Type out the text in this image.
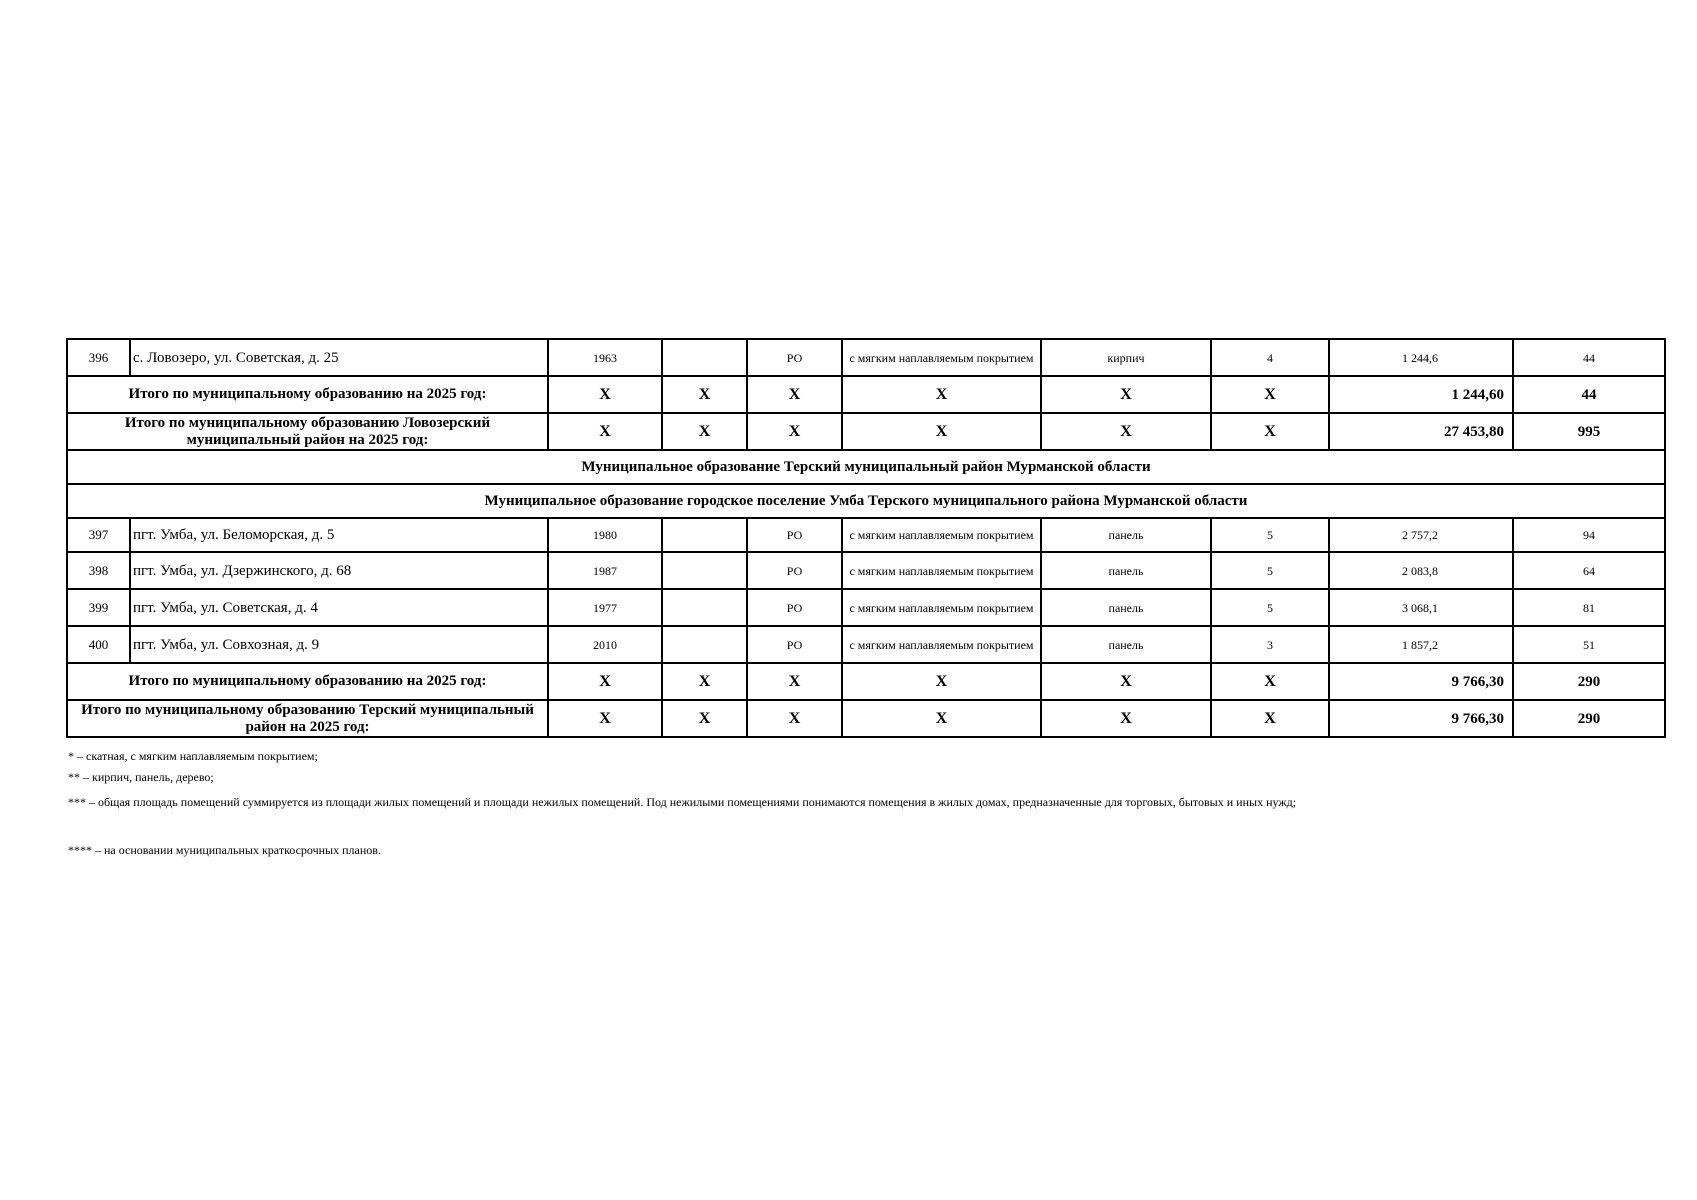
396	с. Ловозеро, ул. Советская, д. 25	1963		РО	с мягким наплавляемым покрытием	кирпич	4	1 244,6	44
Итого по муниципальному образованию на 2025 год:		X	X	X	X	X	X	1 244,60	44
Итого по муниципальному образованию Ловозерский муниципальный район на 2025 год:		X	X	X	X	X	X	27 453,80	995
Муниципальное образование Терский муниципальный район Мурманской области									
Муниципальное образование городское поселение Умба Терского муниципального района Мурманской области									
397	пгт. Умба, ул. Беломорская, д. 5	1980		РО	с мягким наплавляемым покрытием	панель	5	2 757,2	94
398	пгт. Умба, ул. Дзержинского, д. 68	1987		РО	с мягким наплавляемым покрытием	панель	5	2 083,8	64
399	пгт. Умба, ул. Советская, д. 4	1977		РО	с мягким наплавляемым покрытием	панель	5	3 068,1	81
400	пгт. Умба, ул. Совхозная, д. 9	2010		РО	с мягким наплавляемым покрытием	панель	3	1 857,2	51
Итого по муниципальному образованию на 2025 год:		X	X	X	X	X	X	9 766,30	290
Итого по муниципальному образованию Терский муниципальный район на 2025 год:		X	X	X	X	X	X	9 766,30	290
* – скатная, с мягким наплавляемым покрытием;
** – кирпич, панель, дерево;
*** – общая площадь помещений суммируется из площади жилых помещений и площади нежилых помещений. Под нежилыми помещениями понимаются помещения в жилых домах, предназначенные для торговых, бытовых и иных нужд;
**** – на основании муниципальных краткосрочных планов.
